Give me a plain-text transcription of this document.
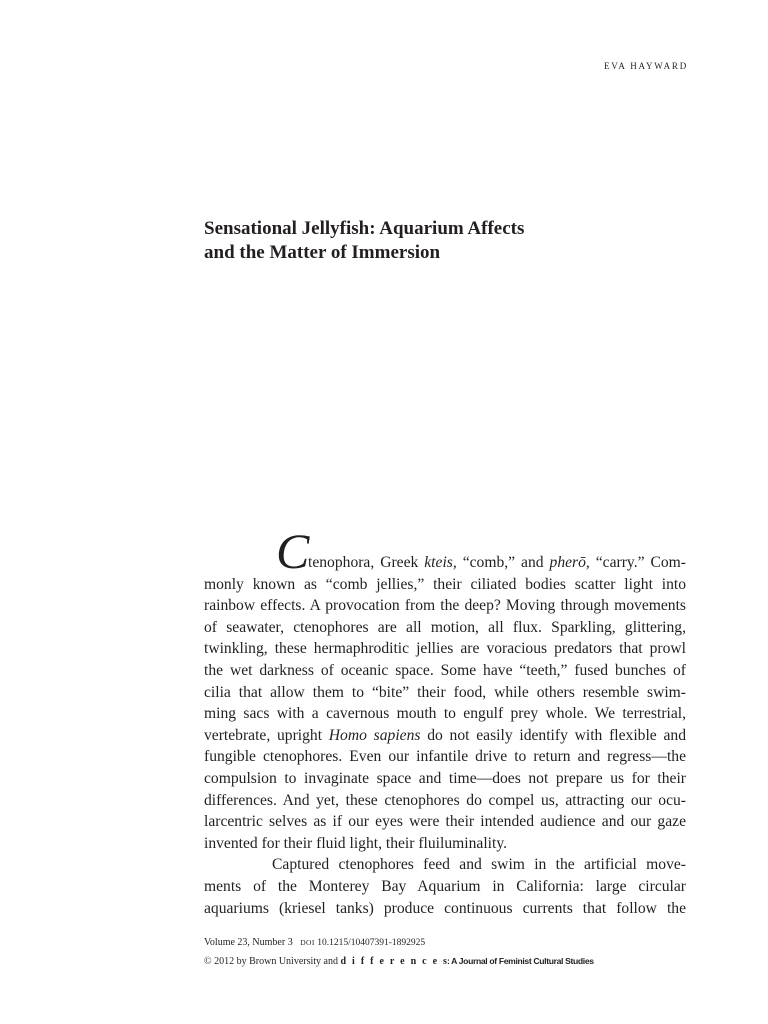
EVA HAYWARD
Sensational Jellyfish: Aquarium Affects
and the Matter of Immersion
C
tenophora, Greek kteis, “comb,” and pherō, “carry.” Com-
monly known as “comb jellies,” their ciliated bodies scatter light into
rainbow effects. A provocation from the deep? Moving through movements
of seawater, ctenophores are all motion, all flux. Sparkling, glittering,
twinkling, these hermaphroditic jellies are voracious predators that prowl
the wet darkness of oceanic space. Some have “teeth,” fused bunches of
cilia that allow them to “bite” their food, while others resemble swim-
ming sacs with a cavernous mouth to engulf prey whole. We terrestrial,
vertebrate, upright Homo sapiens do not easily identify with flexible and
fungible ctenophores. Even our infantile drive to return and regress—the
compulsion to invaginate space and time—does not prepare us for their
differences. And yet, these ctenophores do compel us, attracting our ocu-
larcentric selves as if our eyes were their intended audience and our gaze
invented for their fluid light, their fluiluminality.
Captured ctenophores feed and swim in the artificial move-
ments of the Monterey Bay Aquarium in California: large circular
aquariums (kriesel tanks) produce continuous currents that follow the
Volume 23, Number 3 DOI 10.1215/10407391-1892925
© 2012 by Brown University and differences: A Journal of Feminist Cultural Studies
